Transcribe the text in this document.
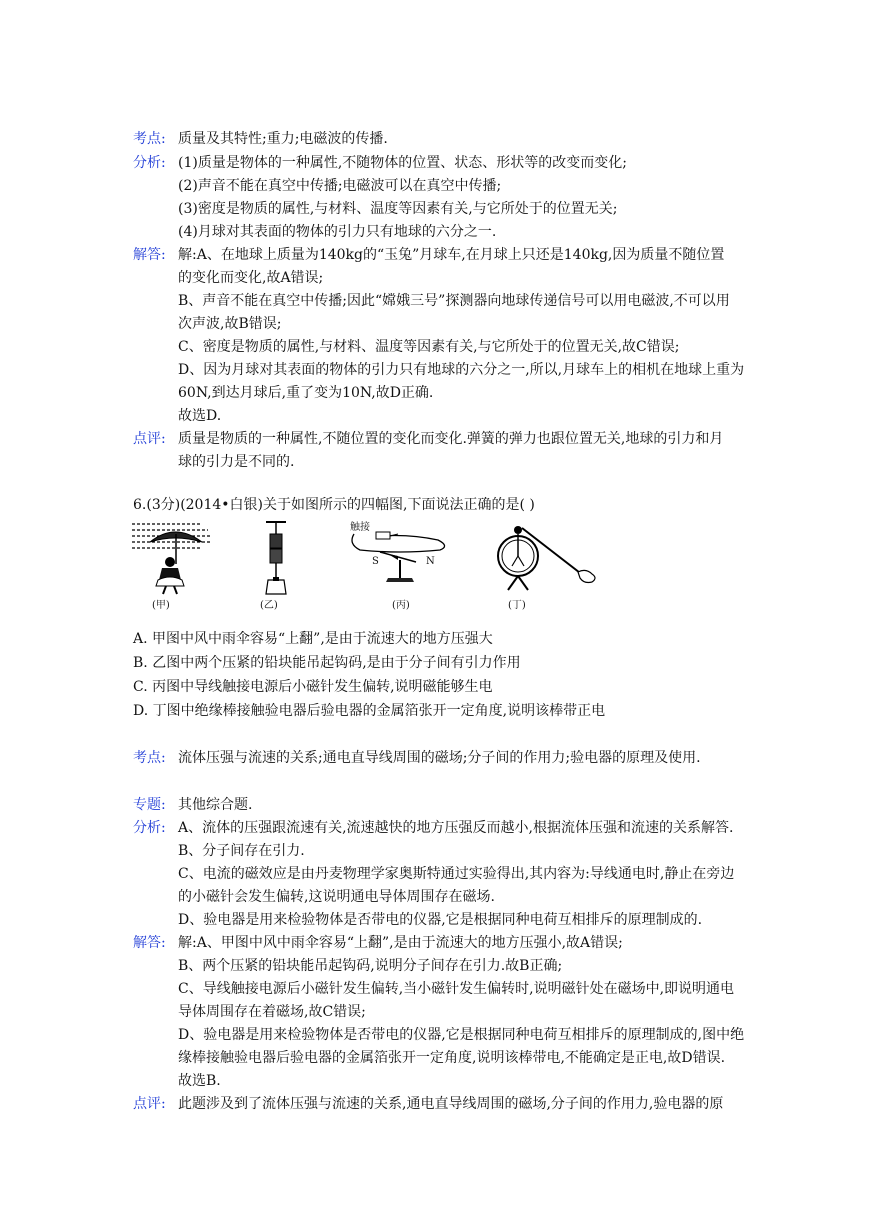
考点: 质量及其特性;重力;电磁波的传播.
分析: (1)质量是物体的一种属性,不随物体的位置、状态、形状等的改变而变化;
(2)声音不能在真空中传播;电磁波可以在真空中传播;
(3)密度是物质的属性,与材料、温度等因素有关,与它所处于的位置无关;
(4)月球对其表面的物体的引力只有地球的六分之一.
解答: 解:A、在地球上质量为140kg的“玉兔”月球车,在月球上只还是140kg,因为质量不随位置
的变化而变化,故A错误;
B、声音不能在真空中传播;因此“嫦娥三号”探测器向地球传递信号可以用电磁波,不可以用
次声波,故B错误;
C、密度是物质的属性,与材料、温度等因素有关,与它所处于的位置无关,故C错误;
D、因为月球对其表面的物体的引力只有地球的六分之一,所以,月球车上的相机在地球上重为
60N,到达月球后,重了变为10N,故D正确.
故选D.
点评: 质量是物质的一种属性,不随位置的变化而变化.弹簧的弹力也跟位置无关,地球的引力和月
球的引力是不同的.
6.(3分)(2014•白银)关于如图所示的四幅图,下面说法正确的是( )
(甲)	(乙)
触接
S	N
(丙)	(丁)
A. 甲图中风中雨伞容易“上翻”,是由于流速大的地方压强大
B. 乙图中两个压紧的铅块能吊起钩码,是由于分子间有引力作用
C. 丙图中导线触接电源后小磁针发生偏转,说明磁能够生电
D. 丁图中绝缘棒接触验电器后验电器的金属箔张开一定角度,说明该棒带正电
考点: 流体压强与流速的关系;通电直导线周围的磁场;分子间的作用力;验电器的原理及使用.
专题: 其他综合题.
分析: A、流体的压强跟流速有关,流速越快的地方压强反而越小,根据流体压强和流速的关系解答.
B、分子间存在引力.
C、电流的磁效应是由丹麦物理学家奥斯特通过实验得出,其内容为:导线通电时,静止在旁边
的小磁针会发生偏转,这说明通电导体周围存在磁场.
D、验电器是用来检验物体是否带电的仪器,它是根据同种电荷互相排斥的原理制成的.
解答: 解:A、甲图中风中雨伞容易“上翻”,是由于流速大的地方压强小,故A错误;
B、两个压紧的铅块能吊起钩码,说明分子间存在引力.故B正确;
C、导线触接电源后小磁针发生偏转,当小磁针发生偏转时,说明磁针处在磁场中,即说明通电
导体周围存在着磁场,故C错误;
D、验电器是用来检验物体是否带电的仪器,它是根据同种电荷互相排斥的原理制成的,图中绝
缘棒接触验电器后验电器的金属箔张开一定角度,说明该棒带电,不能确定是正电,故D错误.
故选B.
点评: 此题涉及到了流体压强与流速的关系,通电直导线周围的磁场,分子间的作用力,验电器的原
